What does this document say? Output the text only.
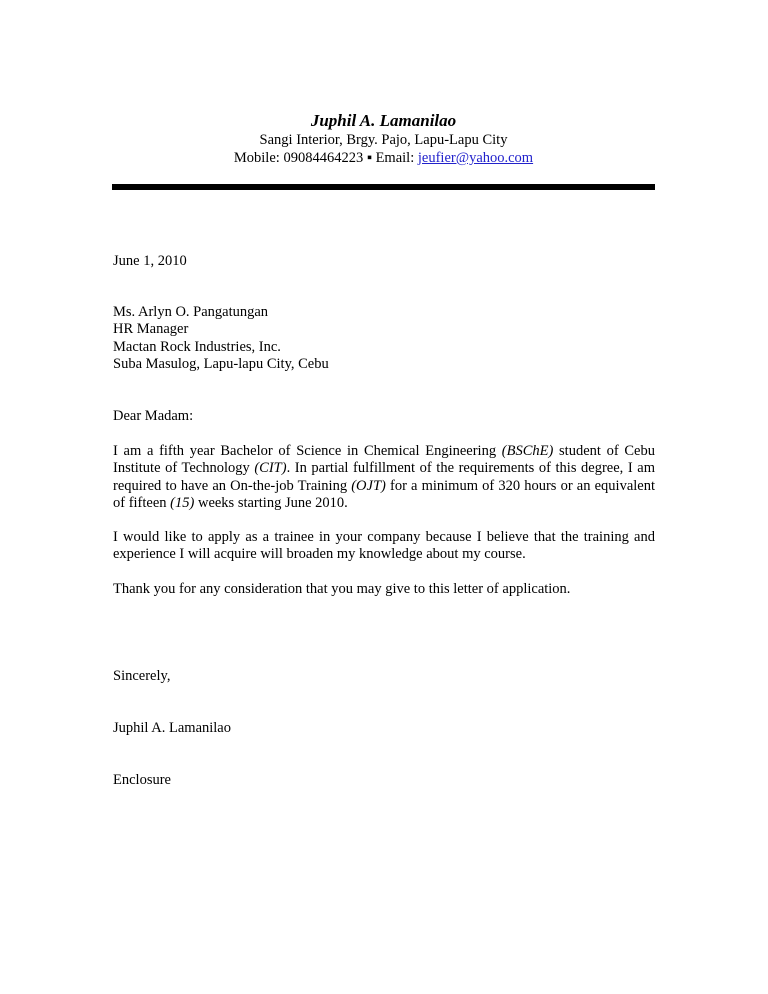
Juphil A. Lamanilao
Sangi Interior, Brgy. Pajo, Lapu-Lapu City
Mobile: 09084464223 ▪ Email: jeufier@yahoo.com
June 1, 2010
Ms. Arlyn O. Pangatungan
HR Manager
Mactan Rock Industries, Inc.
Suba Masulog, Lapu-lapu City, Cebu
Dear Madam:
I am a fifth year Bachelor of Science in Chemical Engineering (BSChE) student of Cebu Institute of Technology (CIT). In partial fulfillment of the requirements of this degree, I am required to have an On-the-job Training (OJT) for a minimum of 320 hours or an equivalent of fifteen (15) weeks starting June 2010.
I would like to apply as a trainee in your company because I believe that the training and experience I will acquire will broaden my knowledge about my course.
Thank you for any consideration that you may give to this letter of application.
Sincerely,
Juphil A. Lamanilao
Enclosure
